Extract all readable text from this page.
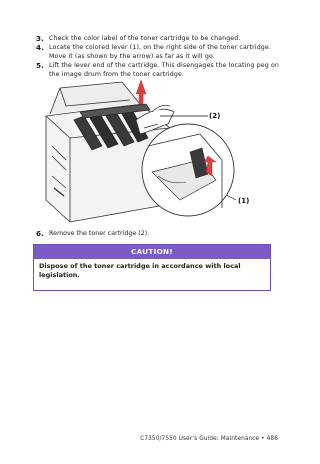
3. Check the color label of the toner cartridge to be changed.
4. Locate the colored lever (1), on the right side of the toner cartridge. Move it (as shown by the arrow) as far as it will go.
5. Lift the lever end of the cartridge. This disengages the locating peg on the image drum from the toner cartridge.
(2)
(1)
6. Remove the toner cartridge (2).
CAUTION!
Dispose of the toner cartridge in accordance with local legislation.
C7350/7550 User’s Guide: Maintenance • 486
